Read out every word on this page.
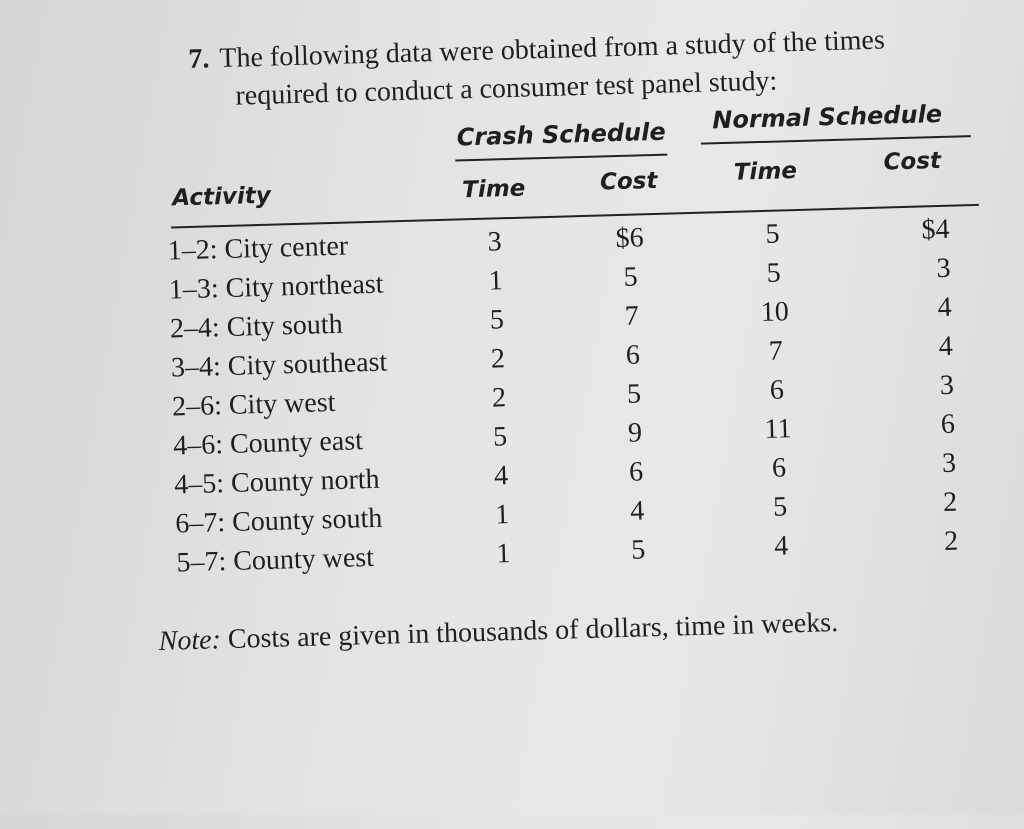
7. The following data were obtained from a study of the times
required to conduct a consumer test panel study:
Crash Schedule
Normal Schedule
Activity	Time	Cost	Time	Cost
1–2: City center	3	$6	5	$4
1–3: City northeast	1	5	5	3
2–4: City south	5	7	10	4
3–4: City southeast	2	6	7	4
2–6: City west	2	5	6	3
4–6: County east	5	9	11	6
4–5: County north	4	6	6	3
6–7: County south	1	4	5	2
5–7: County west	1	5	4	2
Note: Costs are given in thousands of dollars, time in weeks.
